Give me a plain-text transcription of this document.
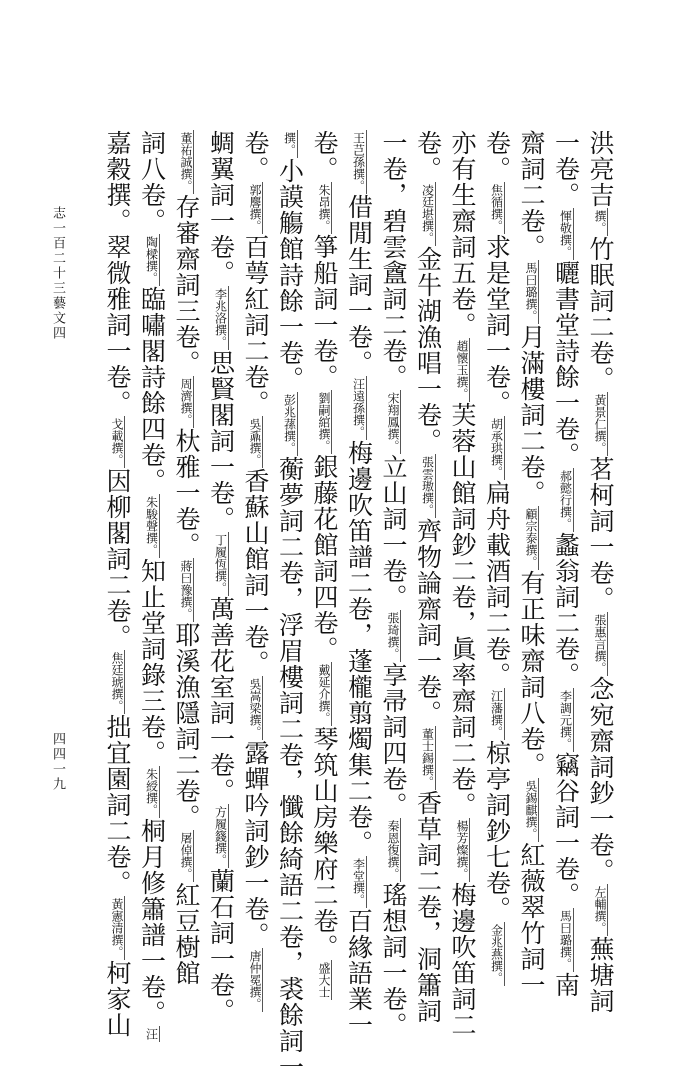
志一百二十三藝文四
洪亮吉撰。竹眠詞二卷。黃景仁撰。茗柯詞一卷。張惠言撰。念宛齋詞鈔一卷。左輔撰。蕪塘詞
一卷。惲敬撰。曬書堂詩餘一卷。郝懿行撰。蠡翁詞二卷。李調元撰。竊谷詞一卷。馬曰璐撰。南
齋詞二卷。馬曰璐撰。月滿樓詞二卷。顧宗泰撰。有正味齋詞八卷。吳錫麒撰。紅薇翠竹詞一
卷。焦循撰。求是堂詞一卷。胡承珙撰。扁舟載酒詞二卷。江藩撰。椋亭詞鈔七卷。金兆燕撰。
亦有生齋詞五卷。趙懷玉撰。芙蓉山館詞鈔二卷，眞率齋詞二卷。楊芳燦撰。梅邊吹笛詞二
卷。凌廷堪撰。金牛湖漁唱一卷。張雲璈撰。齊物論齋詞一卷。董士錫撰。香草詞二卷，洞簫詞
一卷，碧雲盦詞二卷。宋翔鳳撰。立山詞一卷。張琦撰。享帚詞四卷。秦恩復撰。瑤想詞一卷。
王芑孫撰。借閒生詞一卷。汪遠孫撰。梅邊吹笛譜二卷，蓬櫳翦燭集二卷。李堂撰。百緣語業一
卷。朱昂撰。箏船詞一卷。劉嗣綰撰。銀藤花館詞四卷。戴延介撰。琴筑山房樂府二卷。盛大士
撰。小謨觴館詩餘一卷。彭兆蓀撰。蘅夢詞二卷，浮眉樓詞二卷，懺餘綺語二卷，裘餘詞一
卷。郭麐撰。百萼紅詞二卷。吳鼒撰。香蘇山館詞一卷。吳嵩梁撰。露蟬吟詞鈔一卷。唐仲冕撰。
蜩翼詞一卷。李兆洛撰。思賢閣詞一卷。丁履恆撰。萬善花室詞一卷。方履籛撰。蘭石詞一卷。
董祐誠撰。存審齋詞三卷。周濟撰。杕雅一卷。蔣曰豫撰。耶溪漁隱詞二卷。屠倬撰。紅豆樹館
詞八卷。陶樑撰。臨嘯閣詩餘四卷。朱駿聲撰。知止堂詞錄三卷。朱綬撰。桐月修簫譜一卷。汪
嘉穀撰。翠微雅詞一卷。戈載撰。因柳閣詞二卷。焦廷琥撰。拙宜園詞二卷。黃憲清撰。柯家山
四四一九
